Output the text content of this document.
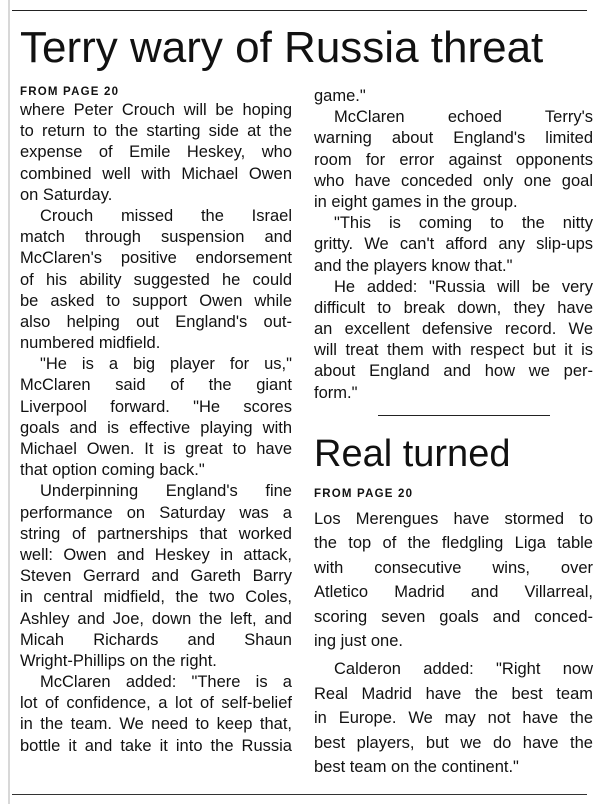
Terry wary of Russia threat
FROM PAGE 20
where Peter Crouch will be hoping
to return to the starting side at the
expense of Emile Heskey, who
combined well with Michael Owen
on Saturday.
Crouch missed the Israel
match through suspension and
McClaren's positive endorsement
of his ability suggested he could
be asked to support Owen while
also helping out England's out-
numbered midfield.
"He is a big player for us,"
McClaren said of the giant
Liverpool forward. "He scores
goals and is effective playing with
Michael Owen. It is great to have
that option coming back."
Underpinning England's fine
performance on Saturday was a
string of partnerships that worked
well: Owen and Heskey in attack,
Steven Gerrard and Gareth Barry
in central midfield, the two Coles,
Ashley and Joe, down the left, and
Micah Richards and Shaun
Wright-Phillips on the right.
McClaren added: "There is a
lot of confidence, a lot of self-belief
in the team. We need to keep that,
bottle it and take it into the Russia
game."
McClaren echoed Terry's
warning about England's limited
room for error against opponents
who have conceded only one goal
in eight games in the group.
"This is coming to the nitty
gritty. We can't afford any slip-ups
and the players know that."
He added: "Russia will be very
difficult to break down, they have
an excellent defensive record. We
will treat them with respect but it is
about England and how we per-
form."
Real turned
FROM PAGE 20
Los Merengues have stormed to
the top of the fledgling Liga table
with consecutive wins, over
Atletico Madrid and Villarreal,
scoring seven goals and conced-
ing just one.
Calderon added: "Right now
Real Madrid have the best team
in Europe. We may not have the
best players, but we do have the
best team on the continent."
